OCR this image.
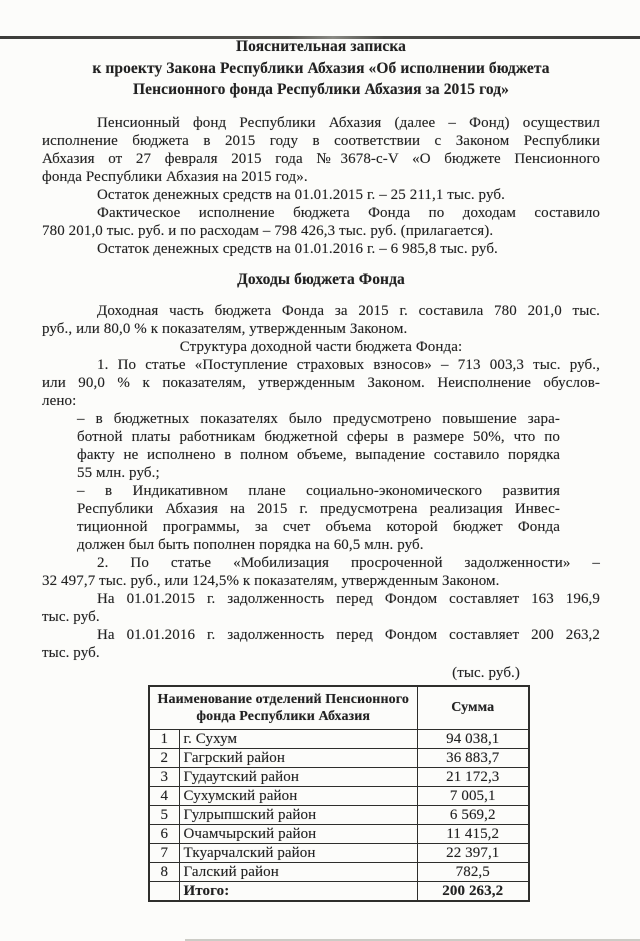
Пояснительная записка
к проекту Закона Республики Абхазия «Об исполнении бюджета
Пенсионного фонда Республики Абхазия за 2015 год»
Пенсионный фонд Республики Абхазия (далее – Фонд) осуществил
исполнение бюджета в 2015 году в соответствии с Законом Республики
Абхазия от 27 февраля 2015 года №3678-с-V «О бюджете Пенсионного
фонда Республики Абхазия на 2015 год».
Остаток денежных средств на 01.01.2015 г. – 25 211,1 тыс. руб.
Фактическое исполнение бюджета Фонда по доходам составило
780 201,0 тыс. руб. и по расходам – 798 426,3 тыс. руб. (прилагается).
Остаток денежных средств на 01.01.2016 г. – 6 985,8 тыс. руб.
Доходы бюджета Фонда
Доходная часть бюджета Фонда за 2015 г. составила 780 201,0 тыс.
руб., или 80,0 % к показателям, утвержденным Законом.
Структура доходной части бюджета Фонда:
1. По статье «Поступление страховых взносов» – 713 003,3 тыс. руб.,
или 90,0 % к показателям, утвержденным Законом. Неисполнение обуслов-
лено:
– в бюджетных показателях было предусмотрено повышение зара-
ботной платы работникам бюджетной сферы в размере 50%, что по
факту не исполнено в полном объеме, выпадение составило порядка
55 млн. руб.;
– в Индикативном плане социально-экономического развития
Республики Абхазия на 2015 г. предусмотрена реализация Инвес-
тиционной программы, за счет объема которой бюджет Фонда
должен был быть пополнен порядка на 60,5 млн. руб.
2. По статье «Мобилизация просроченной задолженности» –
32 497,7 тыс. руб., или 124,5% к показателям, утвержденным Законом.
На 01.01.2015 г. задолженность перед Фондом составляет 163 196,9
тыс. руб.
На 01.01.2016 г. задолженность перед Фондом составляет 200 263,2
тыс. руб.
(тыс. руб.)
Наименование отделений Пенсионного фонда Республики Абхазия		Сумма
1	г. Сухум	94 038,1
2	Гагрский район	36 883,7
3	Гудаутский район	21 172,3
4	Сухумский район	7 005,1
5	Гулрыпшский район	6 569,2
6	Очамчырский район	11 415,2
7	Ткуарчалский район	22 397,1
8	Галский район	782,5
	Итого:	200 263,2
